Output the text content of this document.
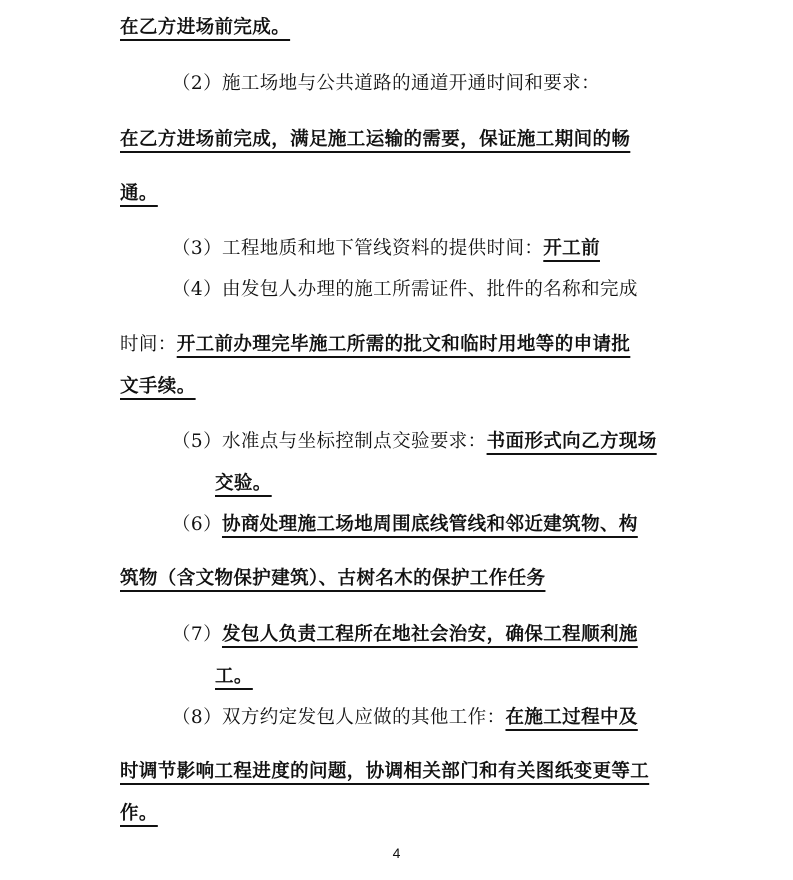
在乙方进场前完成。
（2）施工场地与公共道路的通道开通时间和要求：
在乙方进场前完成，满足施工运输的需要，保证施工期间的畅
通。
（3）工程地质和地下管线资料的提供时间：开工前
（4）由发包人办理的施工所需证件、批件的名称和完成
时间：开工前办理完毕施工所需的批文和临时用地等的申请批
文手续。
（5）水准点与坐标控制点交验要求：书面形式向乙方现场
交验。
（6）协商处理施工场地周围底线管线和邻近建筑物、构
筑物（含文物保护建筑）、古树名木的保护工作任务
（7）发包人负责工程所在地社会治安，确保工程顺利施
工。
（8）双方约定发包人应做的其他工作：在施工过程中及
时调节影响工程进度的问题，协调相关部门和有关图纸变更等工
作。
4
